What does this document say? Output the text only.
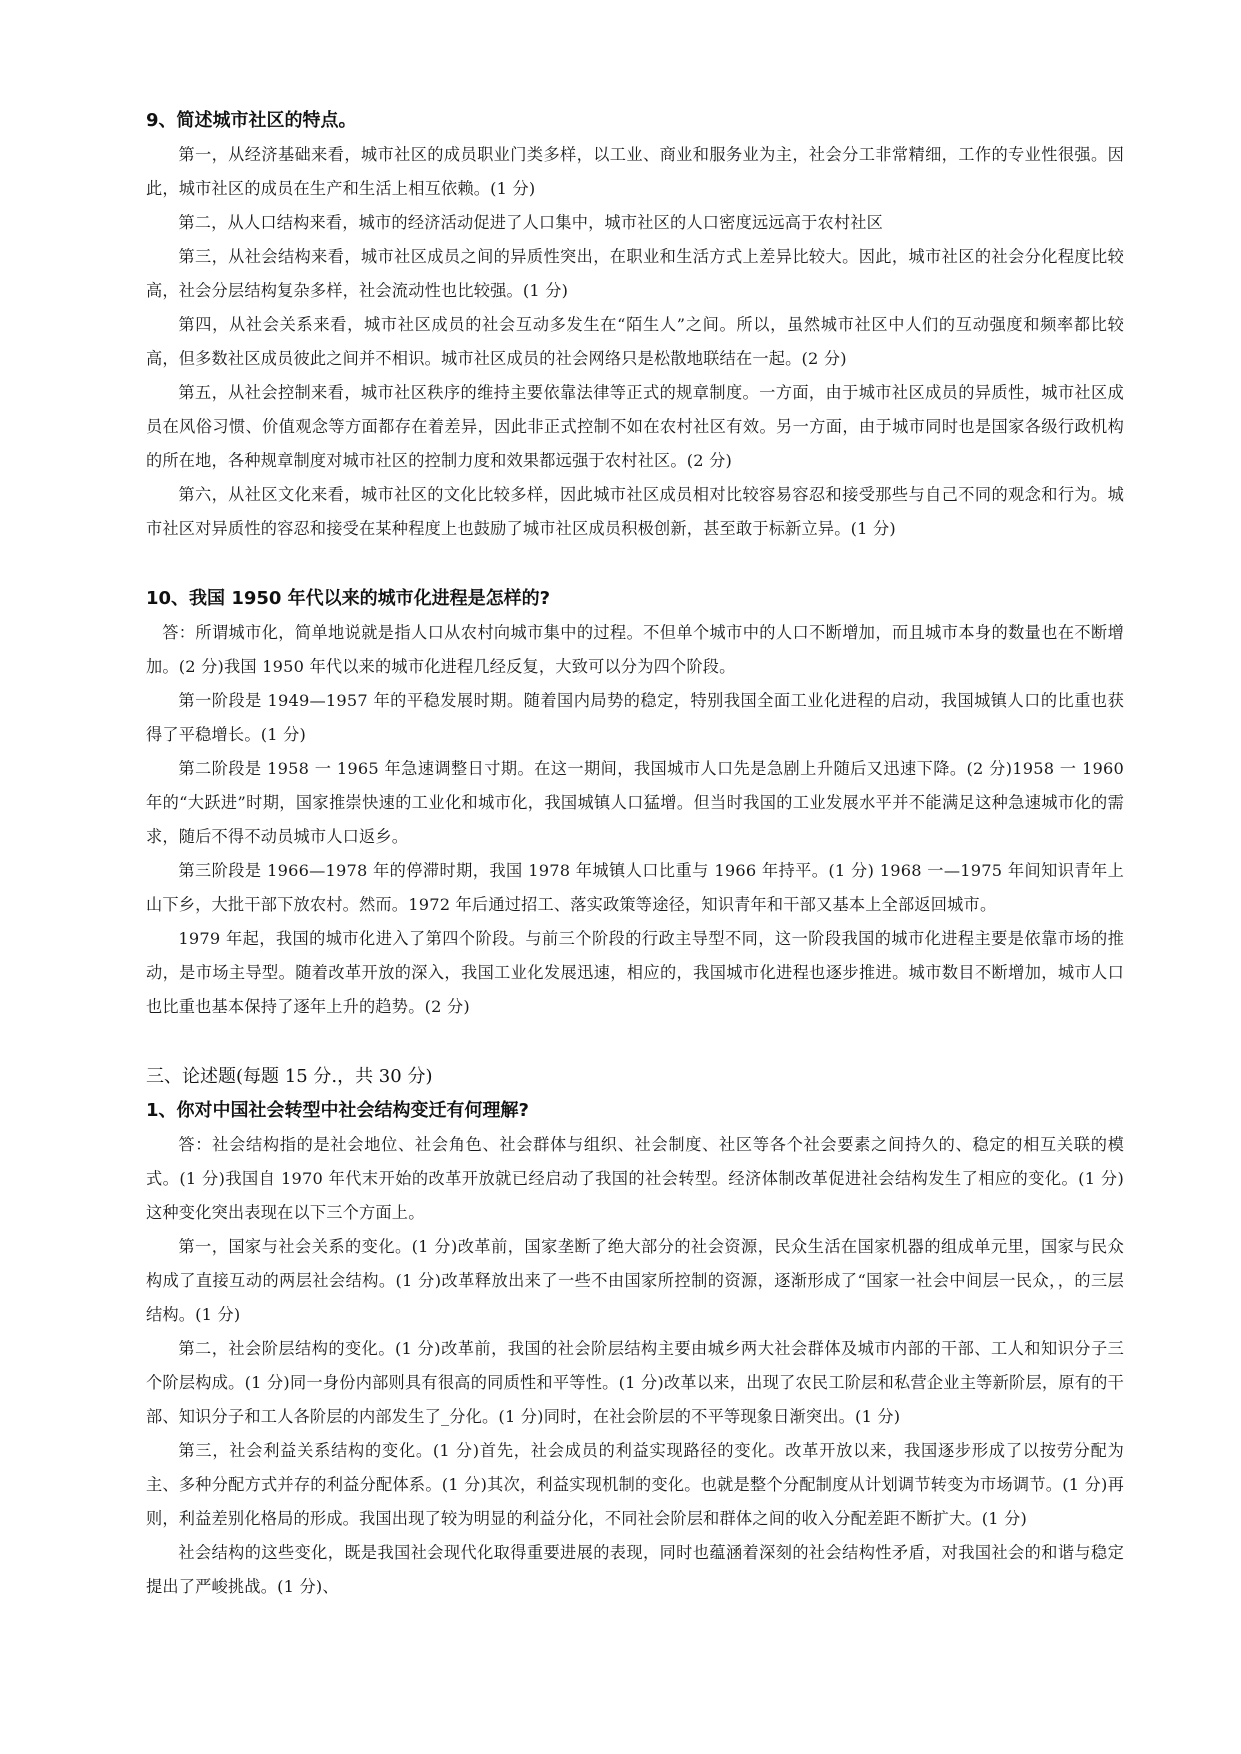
9、简述城市社区的特点。

第一，从经济基础来看，城市社区的成员职业门类多样，以工业、商业和服务业为主，社会分工非常精细，工作的专业性很强。因此，城市社区的成员在生产和生活上相互依赖。(1 分)

第二，从人口结构来看，城市的经济活动促进了人口集中，城市社区的人口密度远远高于农村社区

第三，从社会结构来看，城市社区成员之间的异质性突出，在职业和生活方式上差异比较大。因此，城市社区的社会分化程度比较高，社会分层结构复杂多样，社会流动性也比较强。(1 分)

第四，从社会关系来看，城市社区成员的社会互动多发生在“陌生人”之间。所以，虽然城市社区中人们的互动强度和频率都比较高，但多数社区成员彼此之间并不相识。城市社区成员的社会网络只是松散地联结在一起。(2 分)

第五，从社会控制来看，城市社区秩序的维持主要依靠法律等正式的规章制度。一方面，由于城市社区成员的异质性，城市社区成员在风俗习惯、价值观念等方面都存在着差异，因此非正式控制不如在农村社区有效。另一方面，由于城市同时也是国家各级行政机构的所在地，各种规章制度对城市社区的控制力度和效果都远强于农村社区。(2 分)

第六，从社区文化来看，城市社区的文化比较多样，因此城市社区成员相对比较容易容忍和接受那些与自己不同的观念和行为。城市社区对异质性的容忍和接受在某种程度上也鼓励了城市社区成员积极创新，甚至敢于标新立异。(1 分)

10、我国 1950 年代以来的城市化进程是怎样的?

答：所谓城市化，简单地说就是指人口从农村向城市集中的过程。不但单个城市中的人口不断增加，而且城市本身的数量也在不断增加。(2 分)我国 1950 年代以来的城市化进程几经反复，大致可以分为四个阶段。

第一阶段是 1949—1957 年的平稳发展时期。随着国内局势的稳定，特别我国全面工业化进程的启动，我国城镇人口的比重也获得了平稳增长。(1 分)

第二阶段是 1958 一 1965 年急速调整日寸期。在这一期间，我国城市人口先是急剧上升随后又迅速下降。(2 分)1958 一 1960 年的“大跃进”时期，国家推崇快速的工业化和城市化，我国城镇人口猛增。但当时我国的工业发展水平并不能满足这种急速城市化的需求，随后不得不动员城市人口返乡。

第三阶段是 1966—1978 年的停滞时期，我国 1978 年城镇人口比重与 1966 年持平。(1 分) 1968 一—1975 年间知识青年上山下乡，大批干部下放农村。然而。1972 年后通过招工、落实政策等途径，知识青年和干部又基本上全部返回城市。

1979 年起，我国的城市化进入了第四个阶段。与前三个阶段的行政主导型不同，这一阶段我国的城市化进程主要是依靠市场的推动，是市场主导型。随着改革开放的深入，我国工业化发展迅速，相应的，我国城市化进程也逐步推进。城市数目不断增加，城市人口也比重也基本保持了逐年上升的趋势。(2 分)

三、论述题(每题 15 分.，共 30 分)

1、你对中国社会转型中社会结构变迁有何理解?

答：社会结构指的是社会地位、社会角色、社会群体与组织、社会制度、社区等各个社会要素之间持久的、稳定的相互关联的模式。(1 分)我国自 1970 年代末开始的改革开放就已经启动了我国的社会转型。经济体制改革促进社会结构发生了相应的变化。(1 分)这种变化突出表现在以下三个方面上。

第一，国家与社会关系的变化。(1 分)改革前，国家垄断了绝大部分的社会资源，民众生活在国家机器的组成单元里，国家与民众构成了直接互动的两层社会结构。(1 分)改革释放出来了一些不由国家所控制的资源，逐渐形成了“国家一社会中间层一民众，，的三层结构。(1 分)

第二，社会阶层结构的变化。(1 分)改革前，我国的社会阶层结构主要由城乡两大社会群体及城市内部的干部、工人和知识分子三个阶层构成。(1 分)同一身份内部则具有很高的同质性和平等性。(1 分)改革以来，出现了农民工阶层和私营企业主等新阶层，原有的干部、知识分子和工人各阶层的内部发生了_分化。(1 分)同时，在社会阶层的不平等现象日渐突出。(1 分)

第三，社会利益关系结构的变化。(1 分)首先，社会成员的利益实现路径的变化。改革开放以来，我国逐步形成了以按劳分配为主、多种分配方式并存的利益分配体系。(1 分)其次，利益实现机制的变化。也就是整个分配制度从计划调节转变为市场调节。(1 分)再则，利益差别化格局的形成。我国出现了较为明显的利益分化，不同社会阶层和群体之间的收入分配差距不断扩大。(1 分)

社会结构的这些变化，既是我国社会现代化取得重要进展的表现，同时也蕴涵着深刻的社会结构性矛盾，对我国社会的和谐与稳定提出了严峻挑战。(1 分)、
